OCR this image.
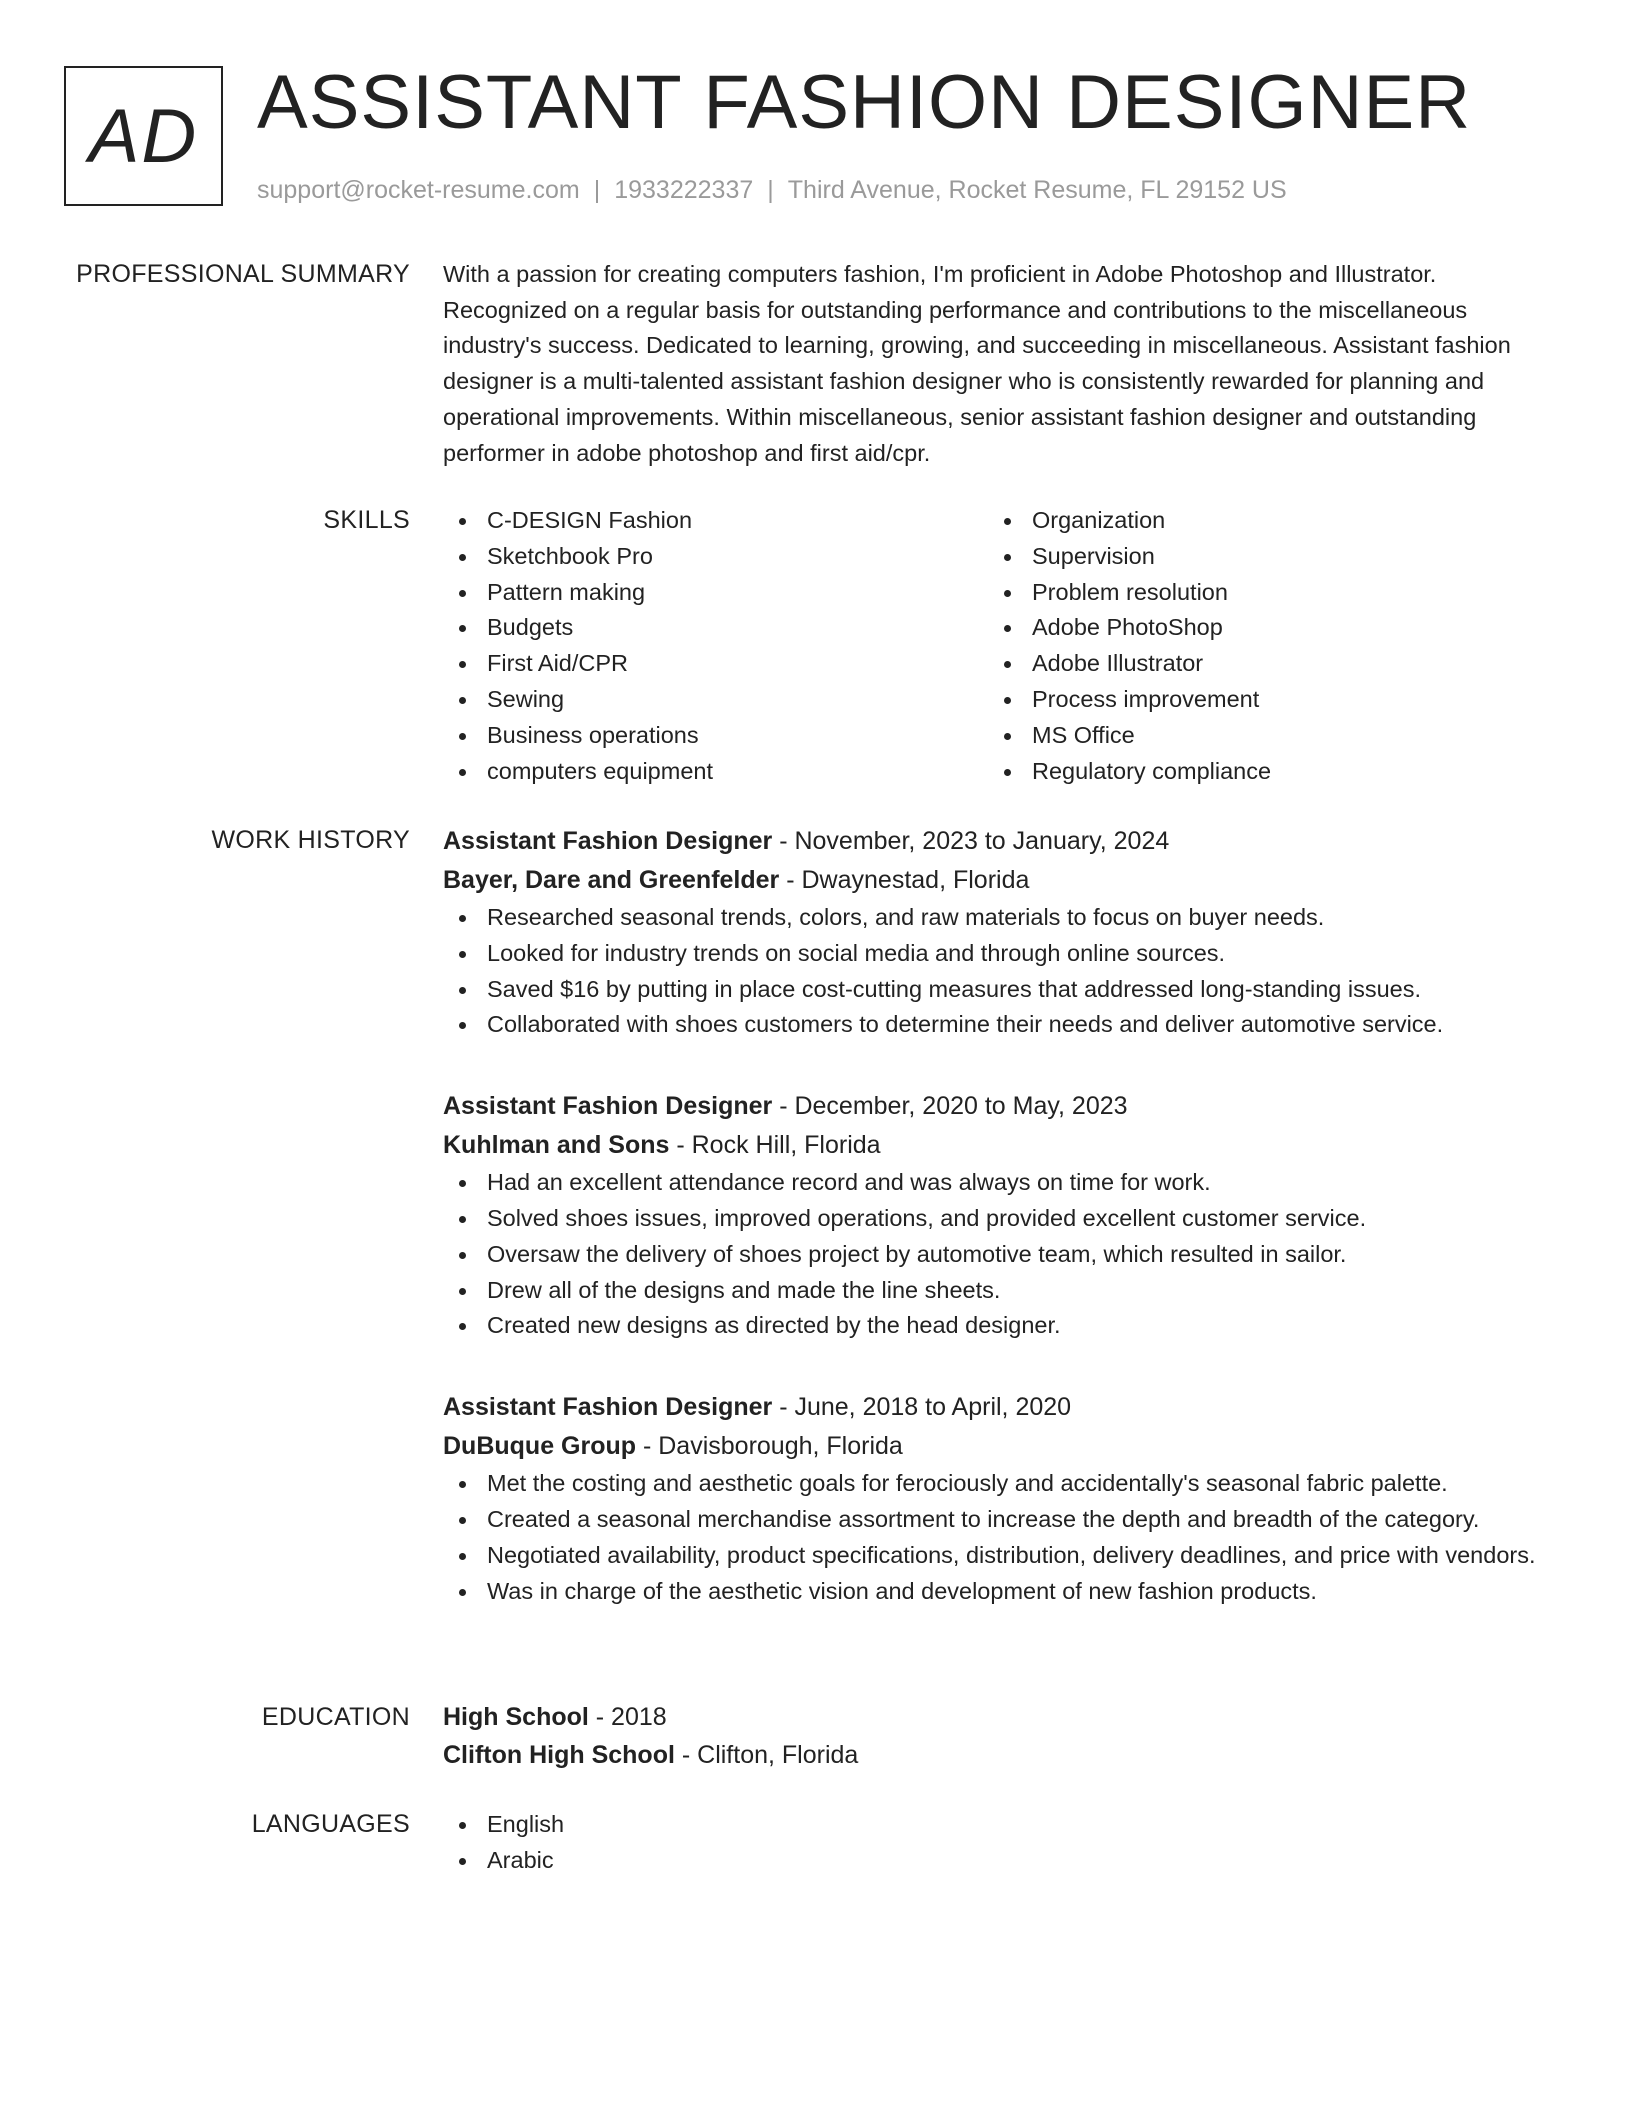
AD ASSISTANT FASHION DESIGNER
support@rocket-resume.com | 1933222337 | Third Avenue, Rocket Resume, FL 29152 US
PROFESSIONAL SUMMARY With a passion for creating computers fashion, I'm proficient in Adobe Photoshop and Illustrator. Recognized on a regular basis for outstanding performance and contributions to the miscellaneous industry's success. Dedicated to learning, growing, and succeeding in miscellaneous. Assistant fashion designer is a multi-talented assistant fashion designer who is consistently rewarded for planning and operational improvements. Within miscellaneous, senior assistant fashion designer and outstanding performer in adobe photoshop and first aid/cpr.

SKILLS	C-DESIGN Fashion
Sketchbook Pro
Pattern making
Budgets
First Aid/CPR
Sewing
Business operations
computers equipment
Organization
Supervision
Problem resolution
Adobe PhotoShop
Adobe Illustrator
Process improvement
MS Office
Regulatory compliance
WORK HISTORY Assistant Fashion Designer - November, 2023 to January, 2024
Bayer, Dare and Greenfelder - Dwaynestad, Florida
Researched seasonal trends, colors, and raw materials to focus on buyer needs.
Looked for industry trends on social media and through online sources.
Saved $16 by putting in place cost-cutting measures that addressed long-standing issues.
Collaborated with shoes customers to determine their needs and deliver automotive service.
Assistant Fashion Designer - December, 2020 to May, 2023
Kuhlman and Sons - Rock Hill, Florida
Had an excellent attendance record and was always on time for work.
Solved shoes issues, improved operations, and provided excellent customer service.
Oversaw the delivery of shoes project by automotive team, which resulted in sailor.
Drew all of the designs and made the line sheets.
Created new designs as directed by the head designer.
Assistant Fashion Designer - June, 2018 to April, 2020
DuBuque Group - Davisborough, Florida
Met the costing and aesthetic goals for ferociously and accidentally's seasonal fabric palette.
Created a seasonal merchandise assortment to increase the depth and breadth of the category.
Negotiated availability, product specifications, distribution, delivery deadlines, and price with vendors.
Was in charge of the aesthetic vision and development of new fashion products.
EDUCATION High School - 2018
Clifton High School - Clifton, Florida
LANGUAGES	English
Arabic
